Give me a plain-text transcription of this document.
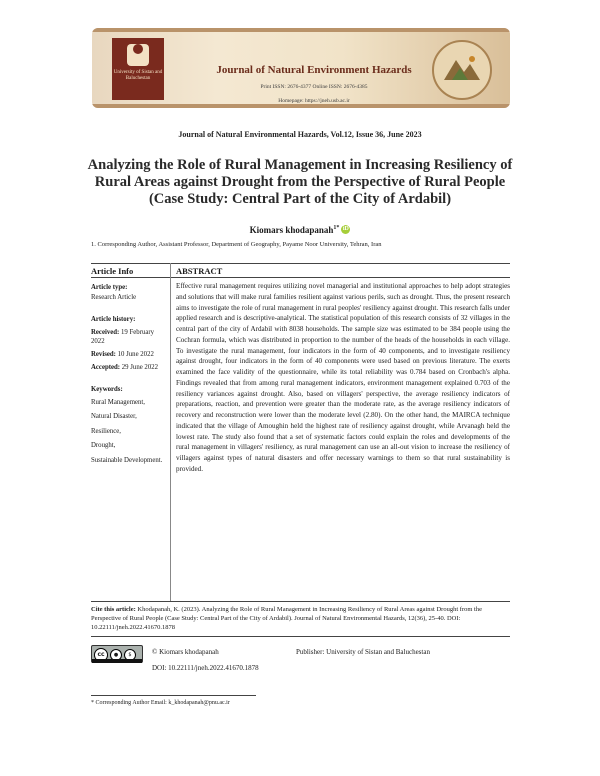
University of Sistan and Baluchestan
Journal of Natural Environment Hazards
Print ISSN: 2676-4377 Online ISSN: 2676-4385
Homepage: https://jneh.usb.ac.ir
Journal of Natural Environmental Hazards, Vol.12, Issue 36, June 2023
Analyzing the Role of Rural Management in Increasing Resiliency of Rural Areas against Drought from the Perspective of Rural People (Case Study: Central Part of the City of Ardabil)
Kiomars khodapanah$^{1*}$ iD
1. Corresponding Author, Assistant Professor, Department of Geography, Payame Noor University, Tehran, Iran
Article Info	ABSTRACT
Article type:
Research Article
Article history:
Received: 19 February 2022
Revised: 10 June 2022
Accepted: 29 June 2022
Keywords:
Rural Management,
Natural Disaster,
Resilience,
Drought,
Sustainable Development.
Effective rural management requires utilizing novel managerial and institutional approaches to help adopt strategies and solutions that will make rural families resilient against various perils, such as drought. Thus, the present research aims to investigate the role of rural management in rural peoples' resiliency against drought. This research falls under applied research and is descriptive-analytical. The statistical population of this research consists of 32 villages in the central part of the city of Ardabil with 8038 households. The sample size was estimated to be 384 people using the Cochran formula, which was distributed in proportion to the number of the heads of the households in each village. To investigate the rural management, four indicators in the form of 40 components, and to investigate resiliency against drought, four indicators in the form of 40 components were used based on previous literature. The exerts examined the face validity of the questionnaire, while its total reliability was 0.784 based on Cronbach's alpha. Findings revealed that from among rural management indicators, environment management explained 0.703 of the resiliency variances against drought. Also, based on villagers' perspective, the average resiliency indicators of preparations, reaction, and prevention were greater than the moderate rate, as the average resiliency indicators of recovery and reconstruction were lower than the moderate level (2.80). On the other hand, the MAIRCA technique indicated that the village of Amoughin held the highest rate of resiliency against drought, while Arvanagh held the lowest rate. The study also found that a set of systematic factors could explain the roles and developments of the rural management in villagers' resiliency, as rural management can use an all-out vision to increase the resiliency of villagers against types of natural disasters and offer necessary warnings to them so that rural sustainability is provided.
Cite this article: Khodapanah, K. (2023). Analyzing the Role of Rural Management in Increasing Resiliency of Rural Areas against Drought from the Perspective of Rural People (Case Study: Central Part of the City of Ardabil). Journal of Natural Environmental Hazards, 12(36), 25-40. DOI: 10.22111/jneh.2022.41670.1878
cc	●	$	© Kiomars khodapanah	Publisher: University of Sistan and Baluchestan
DOI: 10.22111/jneh.2022.41670.1878
* Corresponding Author Email: k_khodapanah@pnu.ac.ir
